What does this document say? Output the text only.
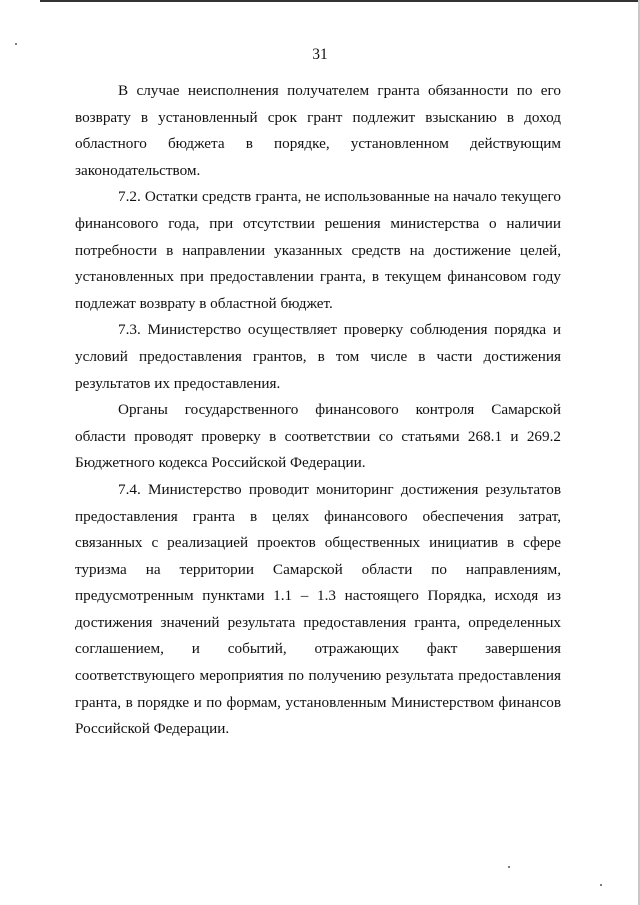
31

В случае неисполнения получателем гранта обязанности по его возврату в установленный срок грант подлежит взысканию в доход областного бюджета в порядке, установленном действующим законодательством.

7.2. Остатки средств гранта, не использованные на начало текущего финансового года, при отсутствии решения министерства о наличии потребности в направлении указанных средств на достижение целей, установленных при предоставлении гранта, в текущем финансовом году подлежат возврату в областной бюджет.

7.3. Министерство осуществляет проверку соблюдения порядка и условий предоставления грантов, в том числе в части достижения результатов их предоставления.

Органы государственного финансового контроля Самарской области проводят проверку в соответствии со статьями 268.1 и 269.2 Бюджетного кодекса Российской Федерации.

7.4. Министерство проводит мониторинг достижения результатов предоставления гранта в целях финансового обеспечения затрат, связанных с реализацией проектов общественных инициатив в сфере туризма на территории Самарской области по направлениям, предусмотренным пунктами 1.1 – 1.3 настоящего Порядка, исходя из достижения значений результата предоставления гранта, определенных соглашением, и событий, отражающих факт завершения соответствующего мероприятия по получению результата предоставления гранта, в порядке и по формам, установленным Министерством финансов Российской Федерации.
